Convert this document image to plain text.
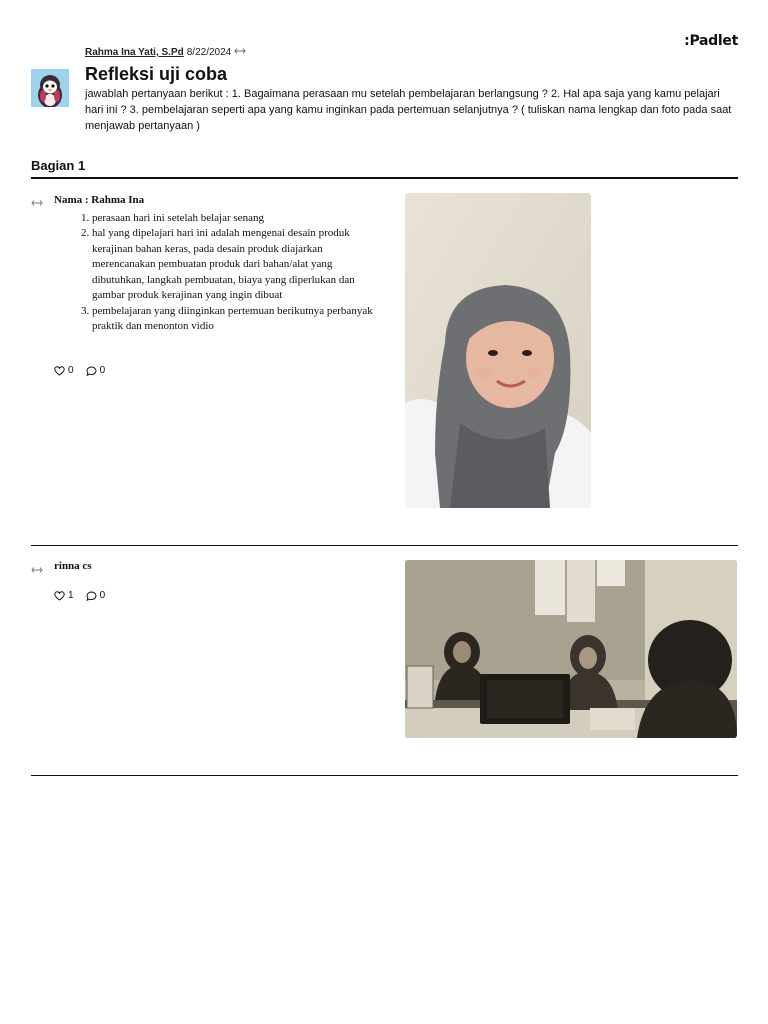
:Padlet
Rahma Ina Yati, S.Pd 8/22/2024
Refleksi uji coba
jawablah pertanyaan berikut : 1. Bagaimana perasaan mu setelah pembelajaran berlangsung ? 2. Hal apa saja yang kamu pelajari hari ini ? 3. pembelajaran seperti apa yang kamu inginkan pada pertemuan selanjutnya ? ( tuliskan nama lengkap dan foto pada saat menjawab pertanyaan )
Bagian 1
Nama : Rahma Ina
1. perasaan hari ini setelah belajar senang
2. hal yang dipelajari hari ini adalah mengenai desain produk kerajinan bahan keras, pada desain produk diajarkan merencanakan pembuatan produk dari bahan/alat yang dibutuhkan, langkah pembuatan, biaya yang diperlukan dan gambar produk kerajinan yang ingin dibuat
3. pembelajaran yang diinginkan pertemuan berikutnya perbanyak praktik dan menonton vidio
0	0
rinna cs
1	0
